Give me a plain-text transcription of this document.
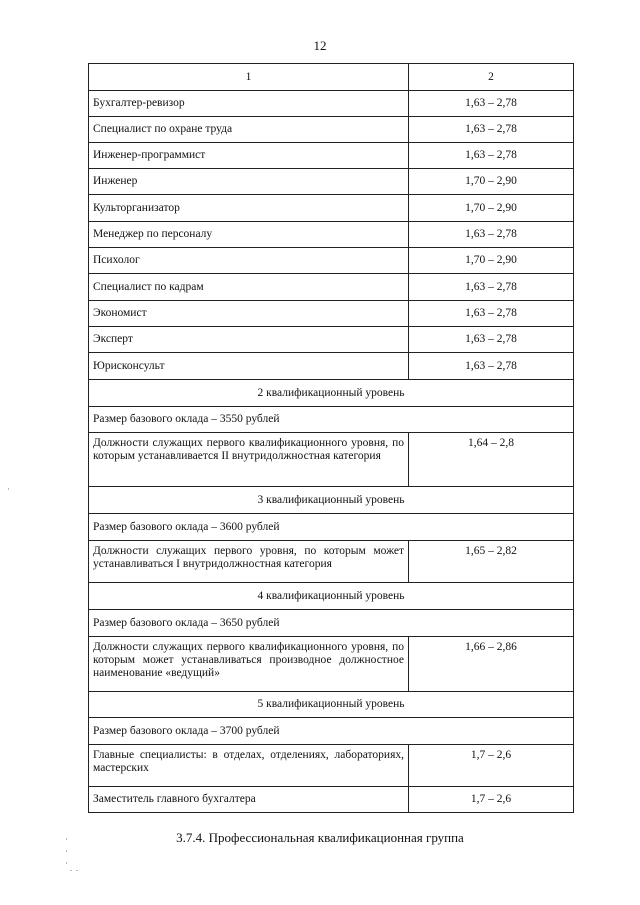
12
1	2
Бухгалтер-ревизор	1,63 – 2,78
Специалист по охране труда	1,63 – 2,78
Инженер-программист	1,63 – 2,78
Инженер	1,70 – 2,90
Культорганизатор	1,70 – 2,90
Менеджер по персоналу	1,63 – 2,78
Психолог	1,70 – 2,90
Специалист по кадрам	1,63 – 2,78
Экономист	1,63 – 2,78
Эксперт	1,63 – 2,78
Юрисконсульт	1,63 – 2,78
2 квалификационный уровень	
Размер базового оклада – 3550 рублей	
Должности служащих первого квалификационного уровня, по которым устанавливается II внутридолжностная категория	1,64 – 2,8
3 квалификационный уровень	
Размер базового оклада – 3600 рублей	
Должности служащих первого уровня, по которым может устанавливаться I внутридолжностная категория	1,65 – 2,82
4 квалификационный уровень	
Размер базового оклада – 3650 рублей	
Должности служащих первого квалификационного уровня, по которым может устанавливаться производное должностное наименование «ведущий»	1,66 – 2,86
5 квалификационный уровень	
Размер базового оклада – 3700 рублей	
Главные специалисты: в отделах, отделениях, лабораториях, мастерских	1,7 – 2,6
Заместитель главного бухгалтера	1,7 – 2,6
3.7.4. Профессиональная квалификационная группа
